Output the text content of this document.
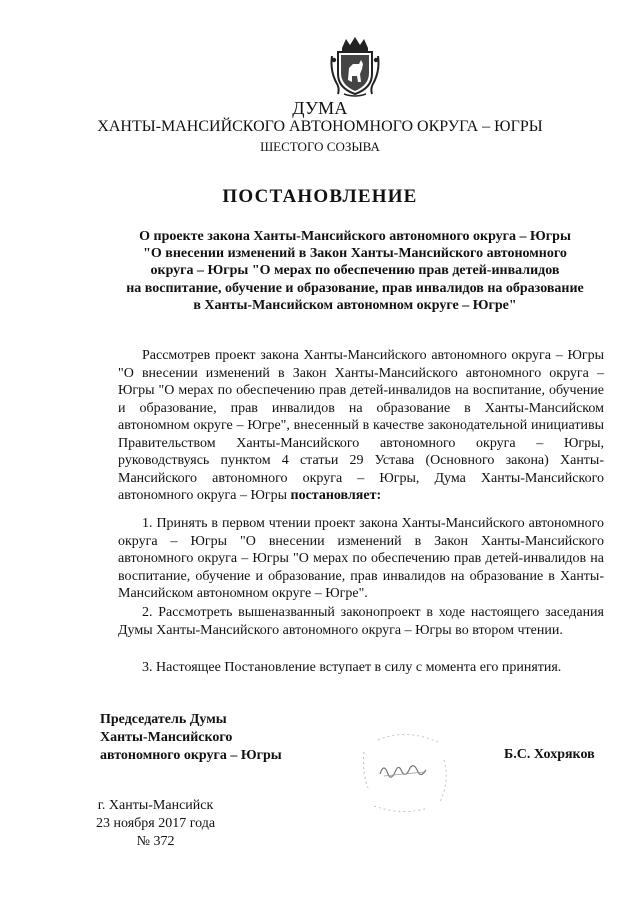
ДУМА
ХАНТЫ-МАНСИЙСКОГО АВТОНОМНОГО ОКРУГА – ЮГРЫ
ШЕСТОГО СОЗЫВА
ПОСТАНОВЛЕНИЕ
О проекте закона Ханты-Мансийского автономного округа – Югры
"О внесении изменений в Закон Ханты-Мансийского автономного
округа – Югры "О мерах по обеспечению прав детей-инвалидов
на воспитание, обучение и образование, прав инвалидов на образование
в Ханты-Мансийском автономном округе – Югре"
Рассмотрев проект закона Ханты-Мансийского автономного округа – Югры "О внесении изменений в Закон Ханты-Мансийского автономного округа – Югры "О мерах по обеспечению прав детей-инвалидов на воспитание, обучение и образование, прав инвалидов на образование в Ханты-Мансийском автономном округе – Югре", внесенный в качестве законодательной инициативы Правительством Ханты-Мансийского автономного округа – Югры, руководствуясь пунктом 4 статьи 29 Устава (Основного закона) Ханты-Мансийского автономного округа – Югры, Дума Ханты-Мансийского автономного округа – Югры постановляет:
1. Принять в первом чтении проект закона Ханты-Мансийского автономного округа – Югры "О внесении изменений в Закон Ханты-Мансийского автономного округа – Югры "О мерах по обеспечению прав детей-инвалидов на воспитание, обучение и образование, прав инвалидов на образование в Ханты-Мансийском автономном округе – Югре".
2. Рассмотреть вышеназванный законопроект в ходе настоящего заседания Думы Ханты-Мансийского автономного округа – Югры во втором чтении.
3. Настоящее Постановление вступает в силу с момента его принятия.
Председатель Думы
Ханты-Мансийского
автономного округа – Югры	Б.С. Хохряков
г. Ханты-Мансийск
23 ноября 2017 года
№ 372
